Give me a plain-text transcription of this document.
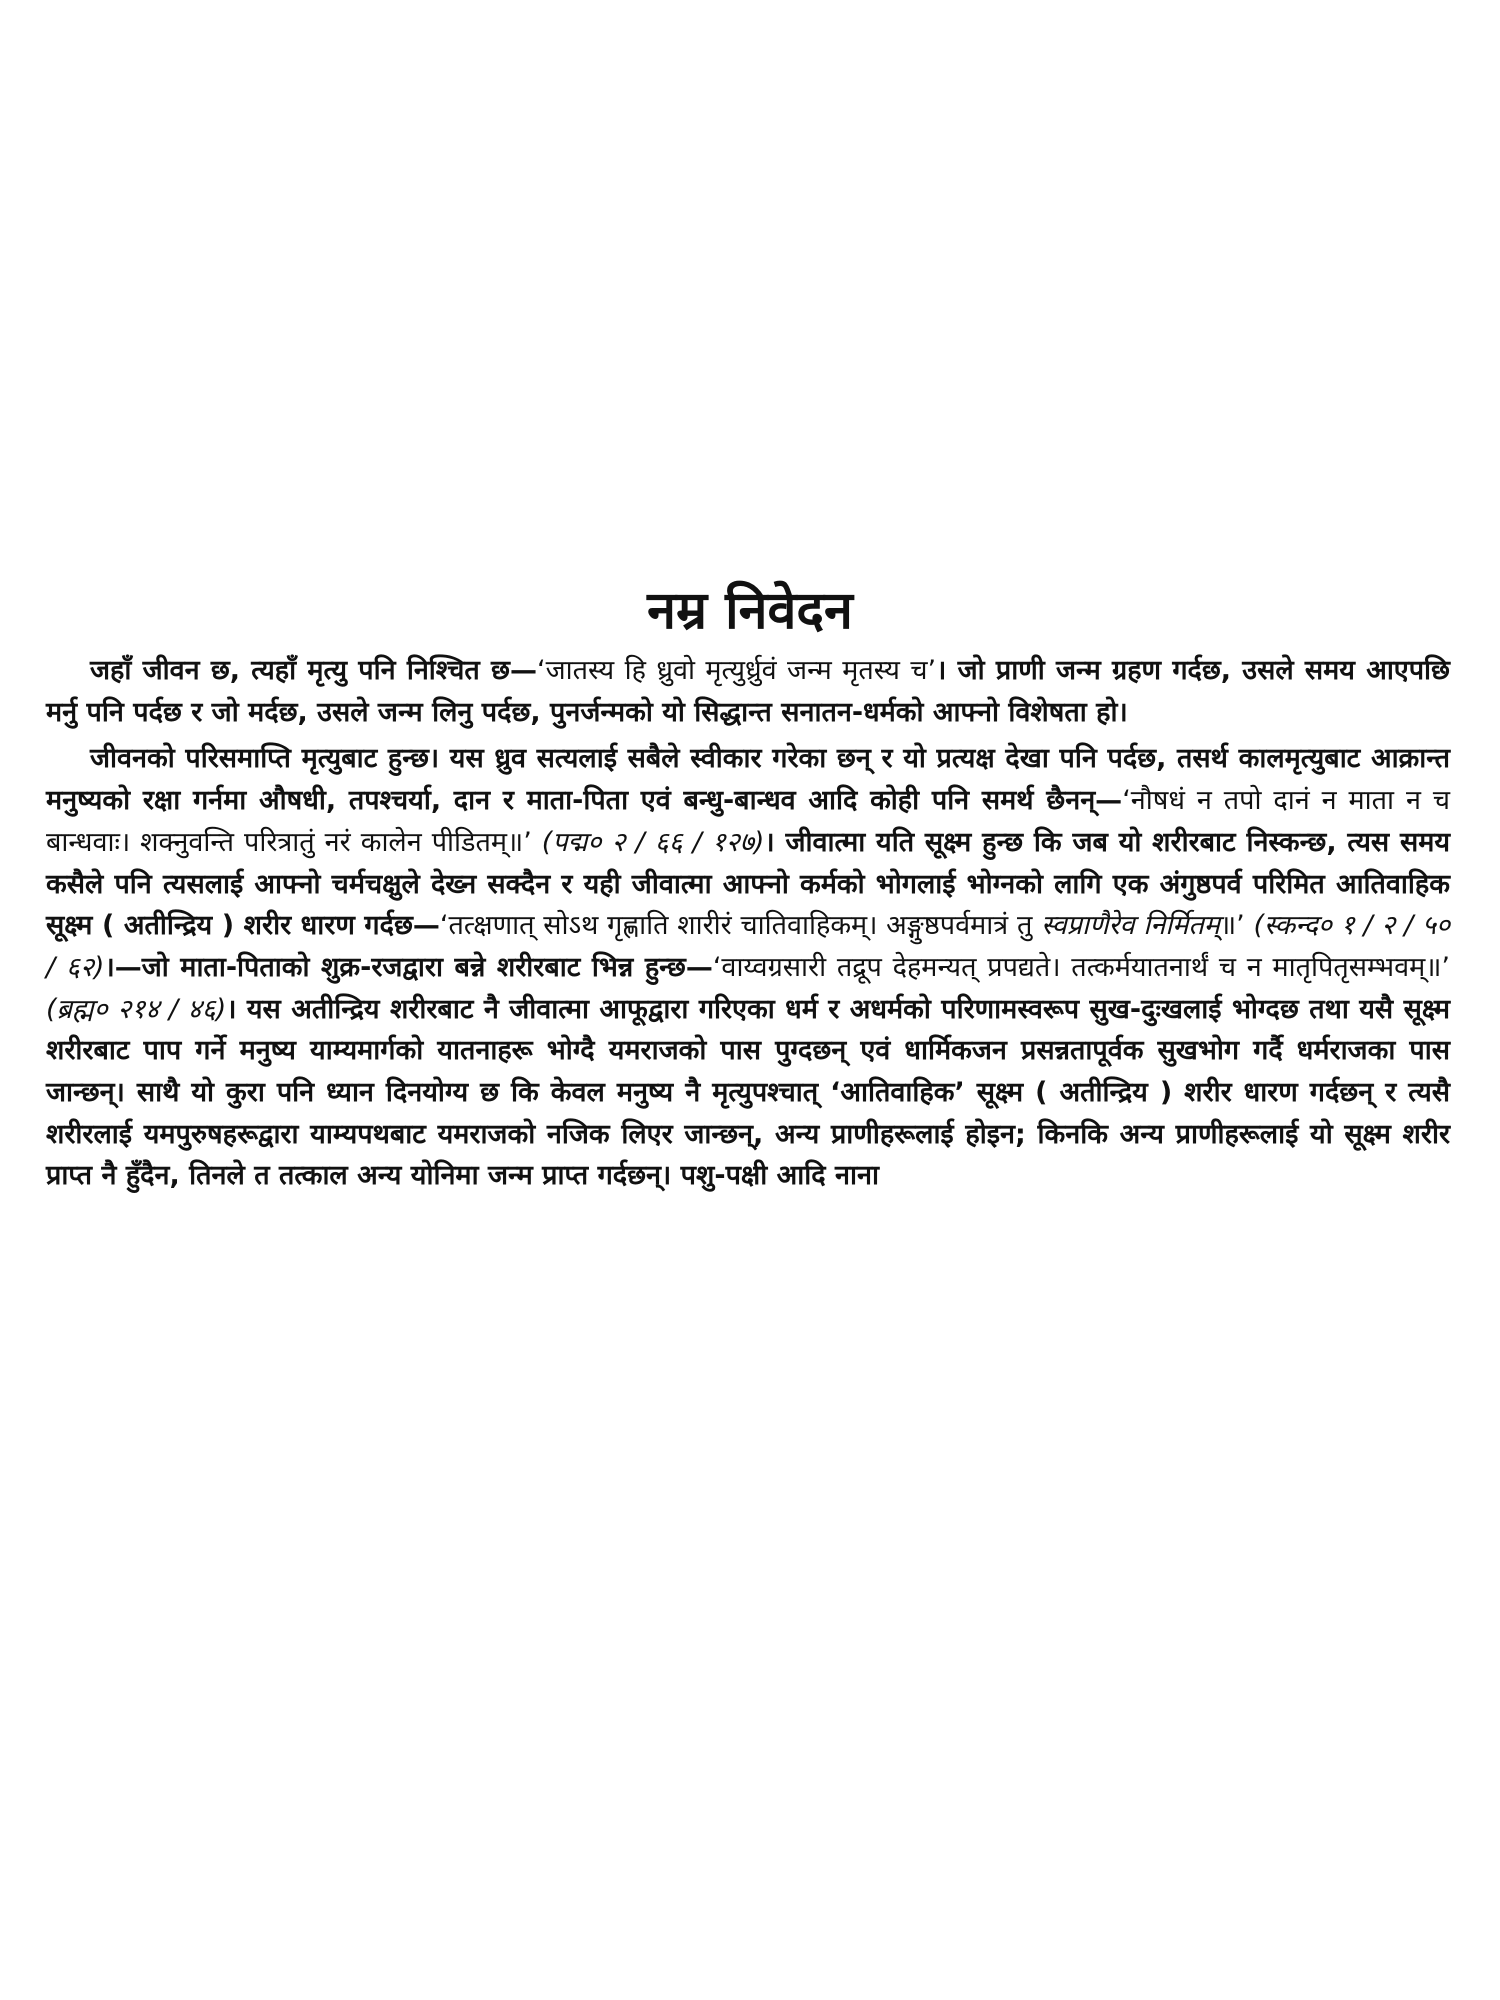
नम्र निवेदन

जहाँ जीवन छ, त्यहाँ मृत्यु पनि निश्चित छ—‘जातस्य हि ध्रुवो मृत्युर्ध्रुवं जन्म मृतस्य च’। जो प्राणी जन्म ग्रहण गर्दछ, उसले समय आएपछि मर्नु पनि पर्दछ र जो मर्दछ, उसले जन्म लिनु पर्दछ, पुनर्जन्मको यो सिद्धान्त सनातन-धर्मको आफ्नो विशेषता हो।

जीवनको परिसमाप्ति मृत्युबाट हुन्छ। यस ध्रुव सत्यलाई सबैले स्वीकार गरेका छन् र यो प्रत्यक्ष देखा पनि पर्दछ, तसर्थ कालमृत्युबाट आक्रान्त मनुष्यको रक्षा गर्नमा औषधी, तपश्चर्या, दान र माता-पिता एवं बन्धु-बान्धव आदि कोही पनि समर्थ छैनन्—‘नौषधं न तपो दानं न माता न च बान्धवाः। शक्नुवन्ति परित्रातुं नरं कालेन पीडितम्॥’ (पद्म० २ / ६६ / १२७)। जीवात्मा यति सूक्ष्म हुन्छ कि जब यो शरीरबाट निस्कन्छ, त्यस समय कसैले पनि त्यसलाई आफ्नो चर्मचक्षुले देख्न सक्दैन र यही जीवात्मा आफ्नो कर्मको भोगलाई भोग्नको लागि एक अंगुष्ठपर्व परिमित आतिवाहिक सूक्ष्म ( अतीन्द्रिय ) शरीर धारण गर्दछ—‘तत्क्षणात् सोऽथ गृह्णाति शारीरं चातिवाहिकम्। अङ्गुष्ठपर्वमात्रं तु स्वप्राणैरेव निर्मितम्॥’ (स्कन्द० १ / २ / ५० / ६२)।—जो माता-पिताको शुक्र-रजद्वारा बन्ने शरीरबाट भिन्न हुन्छ—‘वाय्वग्रसारी तद्रूप देहमन्यत् प्रपद्यते। तत्कर्मयातनार्थं च न मातृपितृसम्भवम्॥’ (ब्रह्म० २१४ / ४६)। यस अतीन्द्रिय शरीरबाट नै जीवात्मा आफूद्वारा गरिएका धर्म र अधर्मको परिणामस्वरूप सुख-दुःखलाई भोग्दछ तथा यसै सूक्ष्म शरीरबाट पाप गर्ने मनुष्य याम्यमार्गको यातनाहरू भोग्दै यमराजको पास पुग्दछन् एवं धार्मिकजन प्रसन्नतापूर्वक सुखभोग गर्दै धर्मराजका पास जान्छन्। साथै यो कुरा पनि ध्यान दिनयोग्य छ कि केवल मनुष्य नै मृत्युपश्चात् ‘आतिवाहिक’ सूक्ष्म ( अतीन्द्रिय ) शरीर धारण गर्दछन् र त्यसै शरीरलाई यमपुरुषहरूद्वारा याम्यपथबाट यमराजको नजिक लिएर जान्छन्, अन्य प्राणीहरूलाई होइन; किनकि अन्य प्राणीहरूलाई यो सूक्ष्म शरीर प्राप्त नै हुँदैन, तिनले त तत्काल अन्य योनिमा जन्म प्राप्त गर्दछन्। पशु-पक्षी आदि नाना
